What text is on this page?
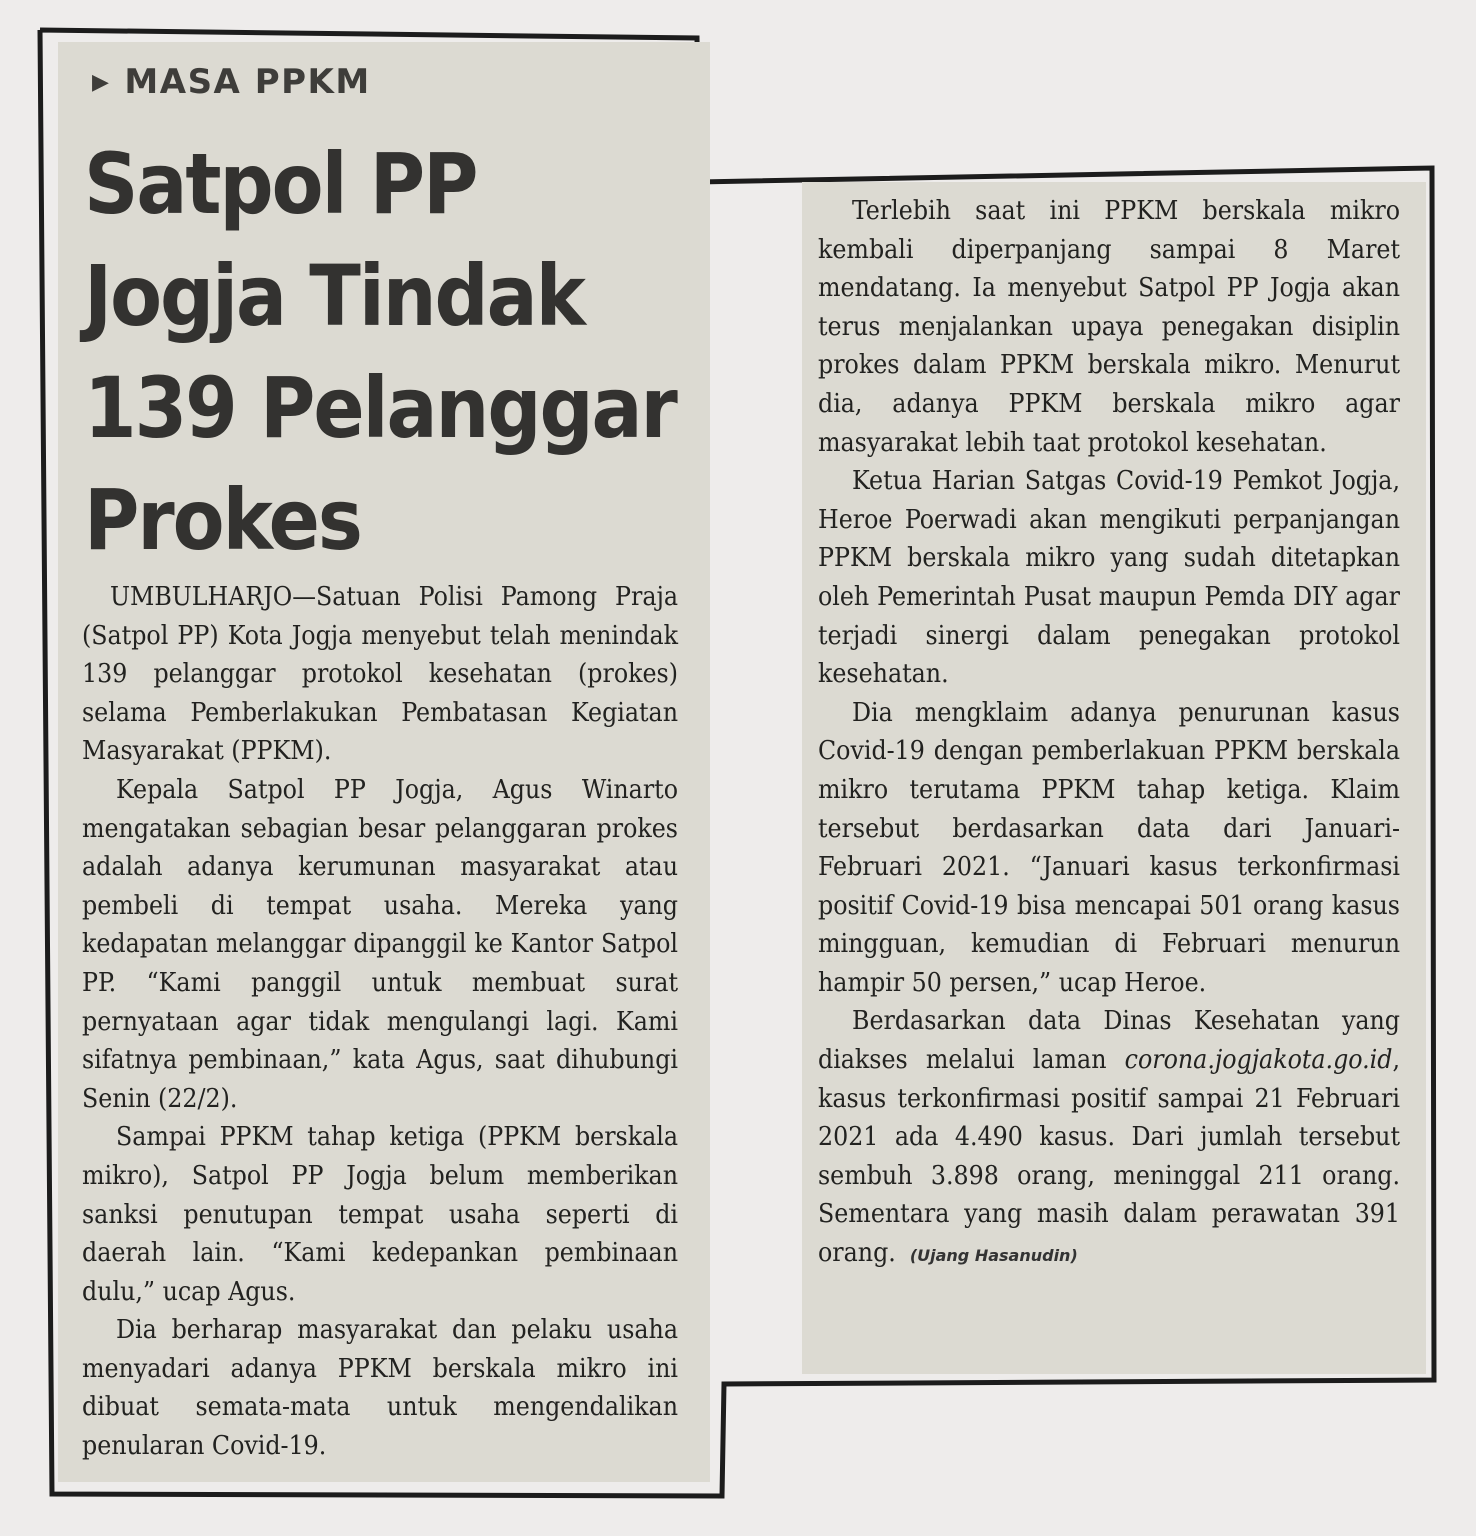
▶ MASA PPKM
Satpol PP Jogja Tindak 139 Pelanggar Prokes

UMBULHARJO—Satuan Polisi Pamong Praja (Satpol PP) Kota Jogja menyebut telah menindak 139 pelanggar protokol kesehatan (prokes) selama Pemberlakukan Pembatasan Kegiatan Masyarakat (PPKM).

Kepala Satpol PP Jogja, Agus Winarto mengatakan sebagian besar pelanggaran prokes adalah adanya kerumunan masyarakat atau pembeli di tempat usaha. Mereka yang kedapatan melanggar dipanggil ke Kantor Satpol PP. “Kami panggil untuk membuat surat pernyataan agar tidak mengulangi lagi. Kami sifatnya pembinaan,” kata Agus, saat dihubungi Senin (22/2).

Sampai PPKM tahap ketiga (PPKM berskala mikro), Satpol PP Jogja belum memberikan sanksi penutupan tempat usaha seperti di daerah lain. “Kami kedepankan pembinaan dulu,” ucap Agus.

Dia berharap masyarakat dan pelaku usaha menyadari adanya PPKM berskala mikro ini dibuat semata-mata untuk mengendalikan penularan Covid-19.

Terlebih saat ini PPKM berskala mikro kembali diperpanjang sampai 8 Maret mendatang. Ia menyebut Satpol PP Jogja akan terus menjalankan upaya penegakan disiplin prokes dalam PPKM berskala mikro. Menurut dia, adanya PPKM berskala mikro agar masyarakat lebih taat protokol kesehatan.

Ketua Harian Satgas Covid-19 Pemkot Jogja, Heroe Poerwadi akan mengikuti perpanjangan PPKM berskala mikro yang sudah ditetapkan oleh Pemerintah Pusat maupun Pemda DIY agar terjadi sinergi dalam penegakan protokol kesehatan.

Dia mengklaim adanya penurunan kasus Covid-19 dengan pemberlakuan PPKM berskala mikro terutama PPKM tahap ketiga. Klaim tersebut berdasarkan data dari Januari-Februari 2021. “Januari kasus terkonfirmasi positif Covid-19 bisa mencapai 501 orang kasus mingguan, kemudian di Februari menurun hampir 50 persen,” ucap Heroe.

Berdasarkan data Dinas Kesehatan yang diakses melalui laman corona.jogjakota.go.id, kasus terkonfirmasi positif sampai 21 Februari 2021 ada 4.490 kasus. Dari jumlah tersebut sembuh 3.898 orang, meninggal 211 orang. Sementara yang masih dalam perawatan 391 orang. (Ujang Hasanudin)
